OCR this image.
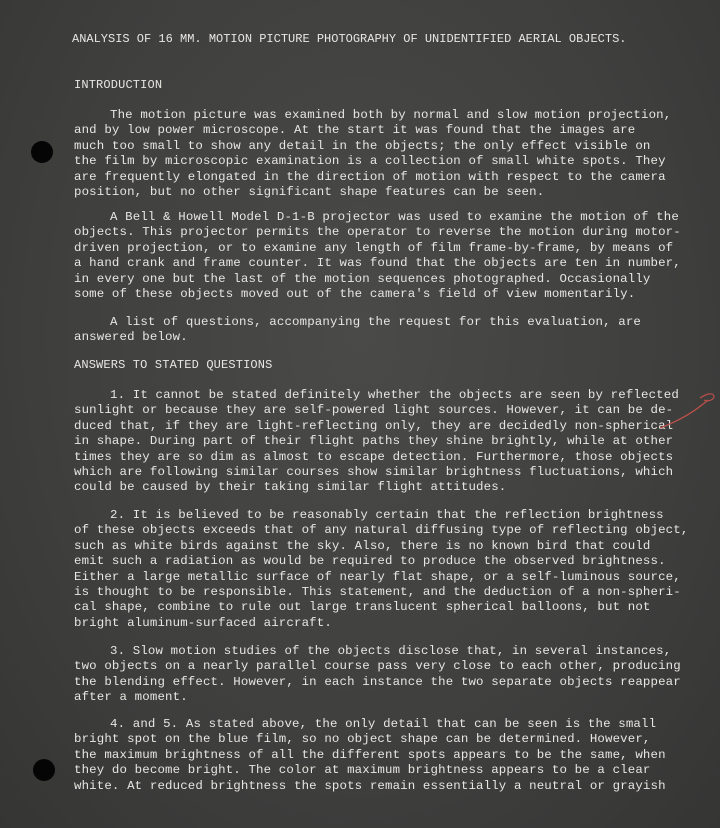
ANALYSIS OF 16 MM. MOTION PICTURE PHOTOGRAPHY OF UNIDENTIFIED AERIAL OBJECTS.
INTRODUCTION
The motion picture was examined both by normal and slow motion projection,
and by low power microscope. At the start it was found that the images are
much too small to show any detail in the objects; the only effect visible on
the film by microscopic examination is a collection of small white spots. They
are frequently elongated in the direction of motion with respect to the camera
position, but no other significant shape features can be seen.
A Bell & Howell Model D-1-B projector was used to examine the motion of the
objects. This projector permits the operator to reverse the motion during motor-
driven projection, or to examine any length of film frame-by-frame, by means of
a hand crank and frame counter. It was found that the objects are ten in number,
in every one but the last of the motion sequences photographed. Occasionally
some of these objects moved out of the camera's field of view momentarily.
A list of questions, accompanying the request for this evaluation, are
answered below.
ANSWERS TO STATED QUESTIONS
1. It cannot be stated definitely whether the objects are seen by reflected
sunlight or because they are self-powered light sources. However, it can be de-
duced that, if they are light-reflecting only, they are decidedly non-spherical
in shape. During part of their flight paths they shine brightly, while at other
times they are so dim as almost to escape detection. Furthermore, those objects
which are following similar courses show similar brightness fluctuations, which
could be caused by their taking similar flight attitudes.
2. It is believed to be reasonably certain that the reflection brightness
of these objects exceeds that of any natural diffusing type of reflecting object,
such as white birds against the sky. Also, there is no known bird that could
emit such a radiation as would be required to produce the observed brightness.
Either a large metallic surface of nearly flat shape, or a self-luminous source,
is thought to be responsible. This statement, and the deduction of a non-spheri-
cal shape, combine to rule out large translucent spherical balloons, but not
bright aluminum-surfaced aircraft.
3. Slow motion studies of the objects disclose that, in several instances,
two objects on a nearly parallel course pass very close to each other, producing
the blending effect. However, in each instance the two separate objects reappear
after a moment.
4. and 5. As stated above, the only detail that can be seen is the small
bright spot on the blue film, so no object shape can be determined. However,
the maximum brightness of all the different spots appears to be the same, when
they do become bright. The color at maximum brightness appears to be a clear
white. At reduced brightness the spots remain essentially a neutral or grayish
